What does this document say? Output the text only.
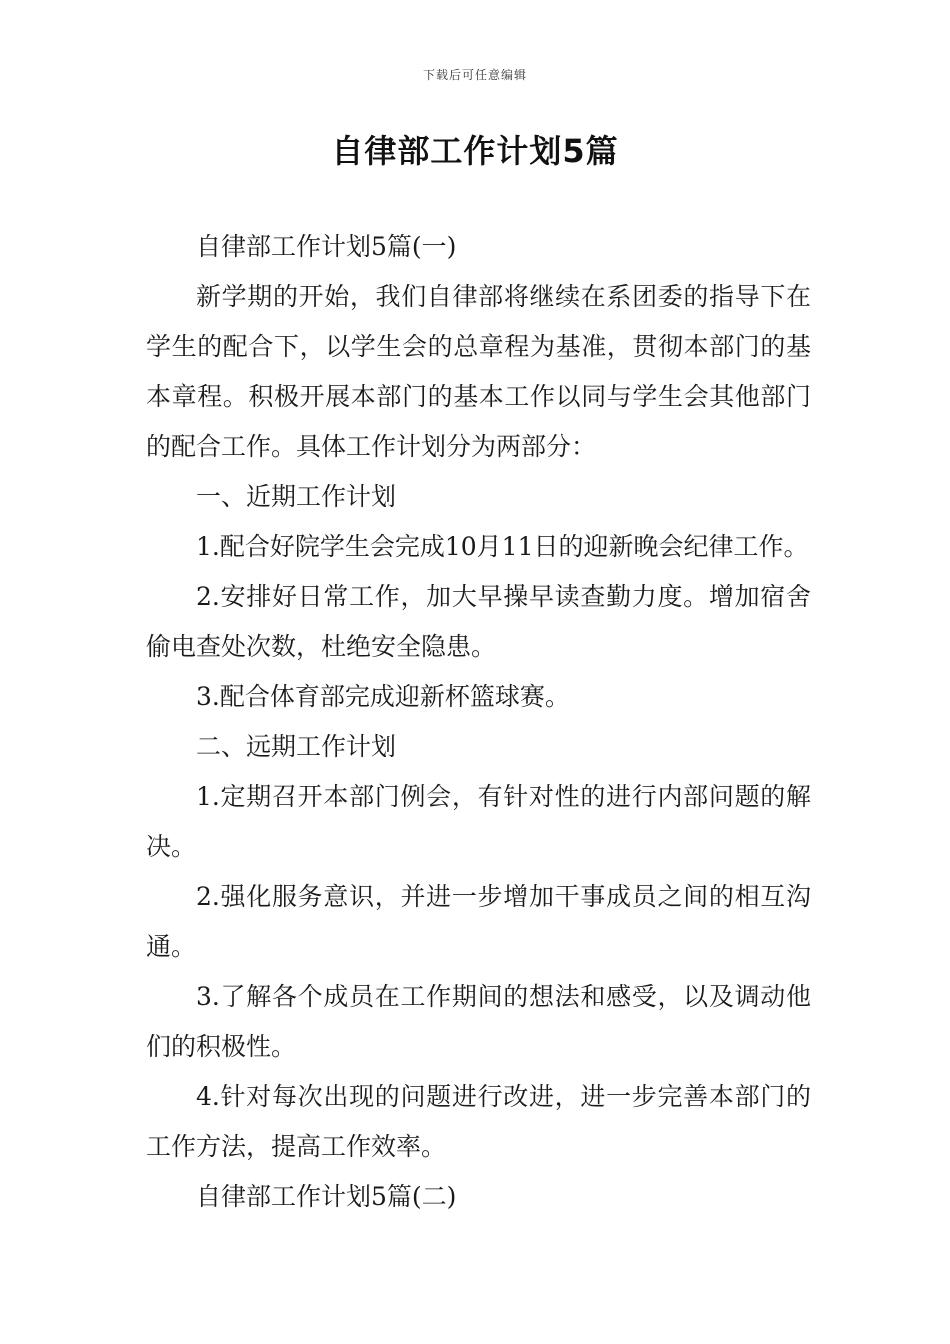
下载后可任意编辑
自律部工作计划5篇

自律部工作计划5篇(一)

新学期的开始，我们自律部将继续在系团委的指导下在学生的配合下，以学生会的总章程为基准，贯彻本部门的基本章程。积极开展本部门的基本工作以同与学生会其他部门的配合工作。具体工作计划分为两部分：

一、近期工作计划

1.配合好院学生会完成10月11日的迎新晚会纪律工作。

2.安排好日常工作，加大早操早读查勤力度。增加宿舍偷电查处次数，杜绝安全隐患。

3.配合体育部完成迎新杯篮球赛。

二、远期工作计划

1.定期召开本部门例会，有针对性的进行内部问题的解决。

2.强化服务意识，并进一步增加干事成员之间的相互沟通。

3.了解各个成员在工作期间的想法和感受，以及调动他们的积极性。

4.针对每次出现的问题进行改进，进一步完善本部门的工作方法，提高工作效率。

自律部工作计划5篇(二)
